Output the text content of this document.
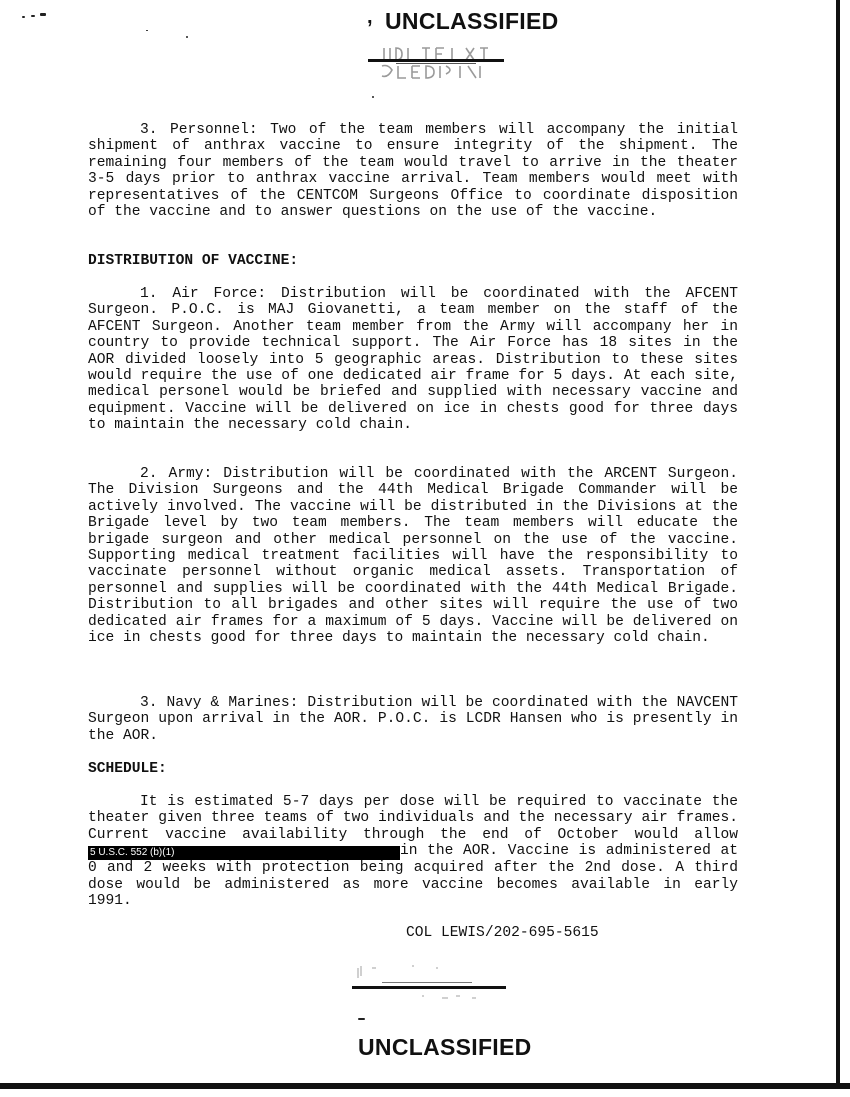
, UNCLASSIFIED

3. Personnel: Two of the team members will accompany the initial shipment of anthrax vaccine to ensure integrity of the shipment. The remaining four members of the team would travel to arrive in the theater 3-5 days prior to anthrax vaccine arrival. Team members would meet with representatives of the CENTCOM Surgeons Office to coordinate disposition of the vaccine and to answer questions on the use of the vaccine.

DISTRIBUTION OF VACCINE:

1. Air Force: Distribution will be coordinated with the AFCENT Surgeon. P.O.C. is MAJ Giovanetti, a team member on the staff of the AFCENT Surgeon. Another team member from the Army will accompany her in country to provide technical support. The Air Force has 18 sites in the AOR divided loosely into 5 geographic areas. Distribution to these sites would require the use of one dedicated air frame for 5 days. At each site, medical personel would be briefed and supplied with necessary vaccine and equipment. Vaccine will be delivered on ice in chests good for three days to maintain the necessary cold chain.

2. Army: Distribution will be coordinated with the ARCENT Surgeon. The Division Surgeons and the 44th Medical Brigade Commander will be actively involved. The vaccine will be distributed in the Divisions at the Brigade level by two team members. The team members will educate the brigade surgeon and other medical personnel on the use of the vaccine. Supporting medical treatment facilities will have the responsibility to vaccinate personnel without organic medical assets. Transportation of personnel and supplies will be coordinated with the 44th Medical Brigade. Distribution to all brigades and other sites will require the use of two dedicated air frames for a maximum of 5 days. Vaccine will be delivered on ice in chests good for three days to maintain the necessary cold chain.

3. Navy & Marines: Distribution will be coordinated with the NAVCENT Surgeon upon arrival in the AOR. P.O.C. is LCDR Hansen who is presently in the AOR.

SCHEDULE:

It is estimated 5-7 days per dose will be required to vaccinate the theater given three teams of two individuals and the necessary air frames. Current vaccine availability through the end of October would allow5 U.S.C. 552 (b)(1)	in the AOR. Vaccine is administered at 0 and 2 weeks with protection being acquired after the 2nd dose. A third dose would be administered as more vaccine becomes available in early 1991.

COL LEWIS/202-695-5615
UNCLASSIFIED
